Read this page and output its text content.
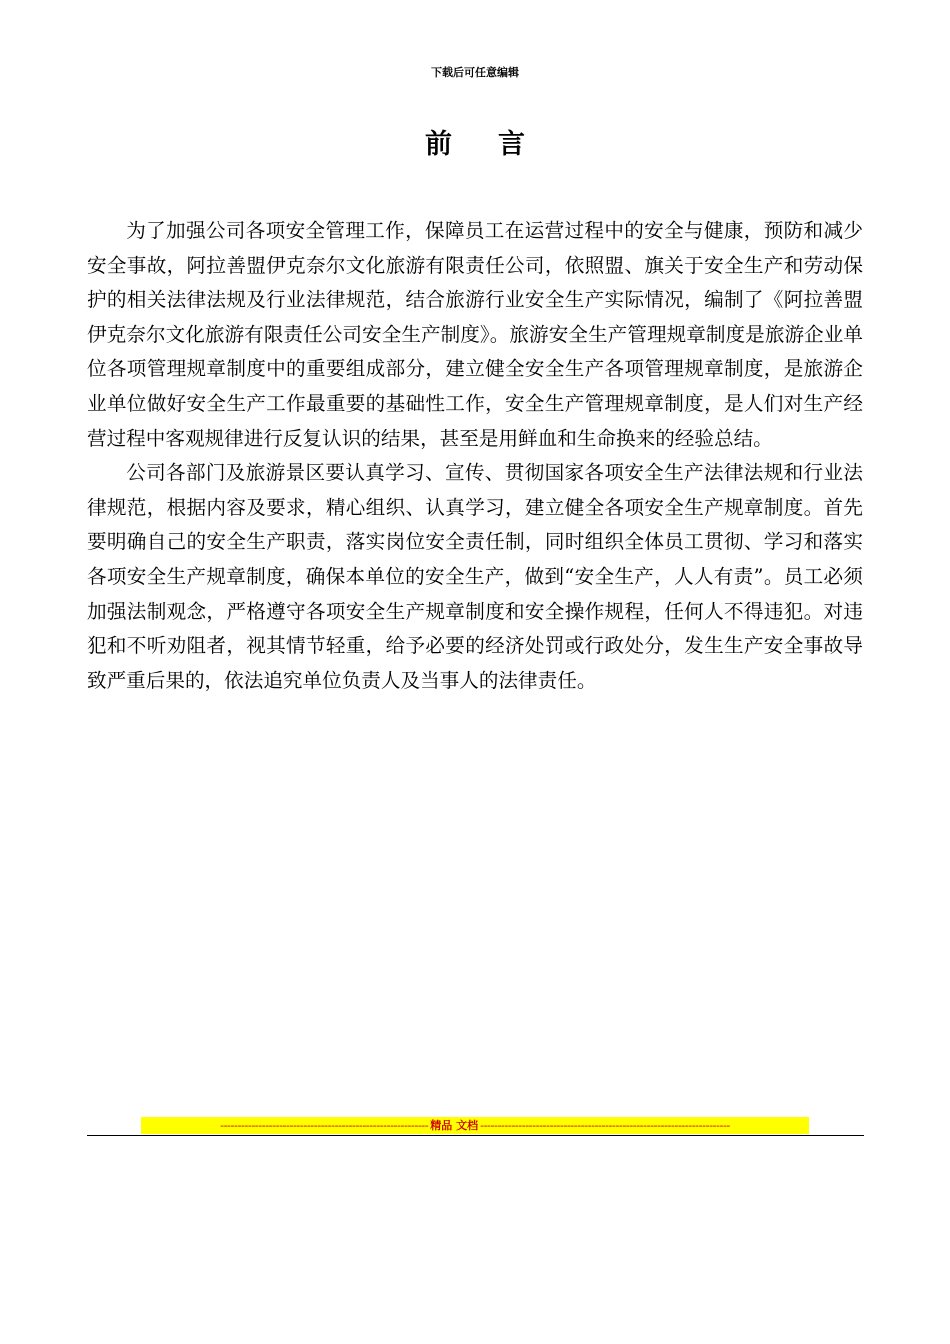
下载后可任意编辑
前言

为了加强公司各项安全管理工作，保障员工在运营过程中的安全与健康，预防和减少安全事故，阿拉善盟伊克奈尔文化旅游有限责任公司，依照盟、旗关于安全生产和劳动保护的相关法律法规及行业法律规范，结合旅游行业安全生产实际情况，编制了《阿拉善盟伊克奈尔文化旅游有限责任公司安全生产制度》。旅游安全生产管理规章制度是旅游企业单位各项管理规章制度中的重要组成部分，建立健全安全生产各项管理规章制度，是旅游企业单位做好安全生产工作最重要的基础性工作，安全生产管理规章制度，是人们对生产经营过程中客观规律进行反复认识的结果，甚至是用鲜血和生命换来的经验总结。

公司各部门及旅游景区要认真学习、宣传、贯彻国家各项安全生产法律法规和行业法律规范，根据内容及要求，精心组织、认真学习，建立健全各项安全生产规章制度。首先要明确自己的安全生产职责，落实岗位安全责任制，同时组织全体员工贯彻、学习和落实各项安全生产规章制度，确保本单位的安全生产，做到“安全生产，人人有责”。员工必须加强法制观念，严格遵守各项安全生产规章制度和安全操作规程，任何人不得违犯。对违犯和不听劝阻者，视其情节轻重，给予必要的经济处罚或行政处分，发生生产安全事故导致严重后果的，依法追究单位负责人及当事人的法律责任。

------------------------------------------------------------ 精品 文档 ------------------------------------------------------------------------
